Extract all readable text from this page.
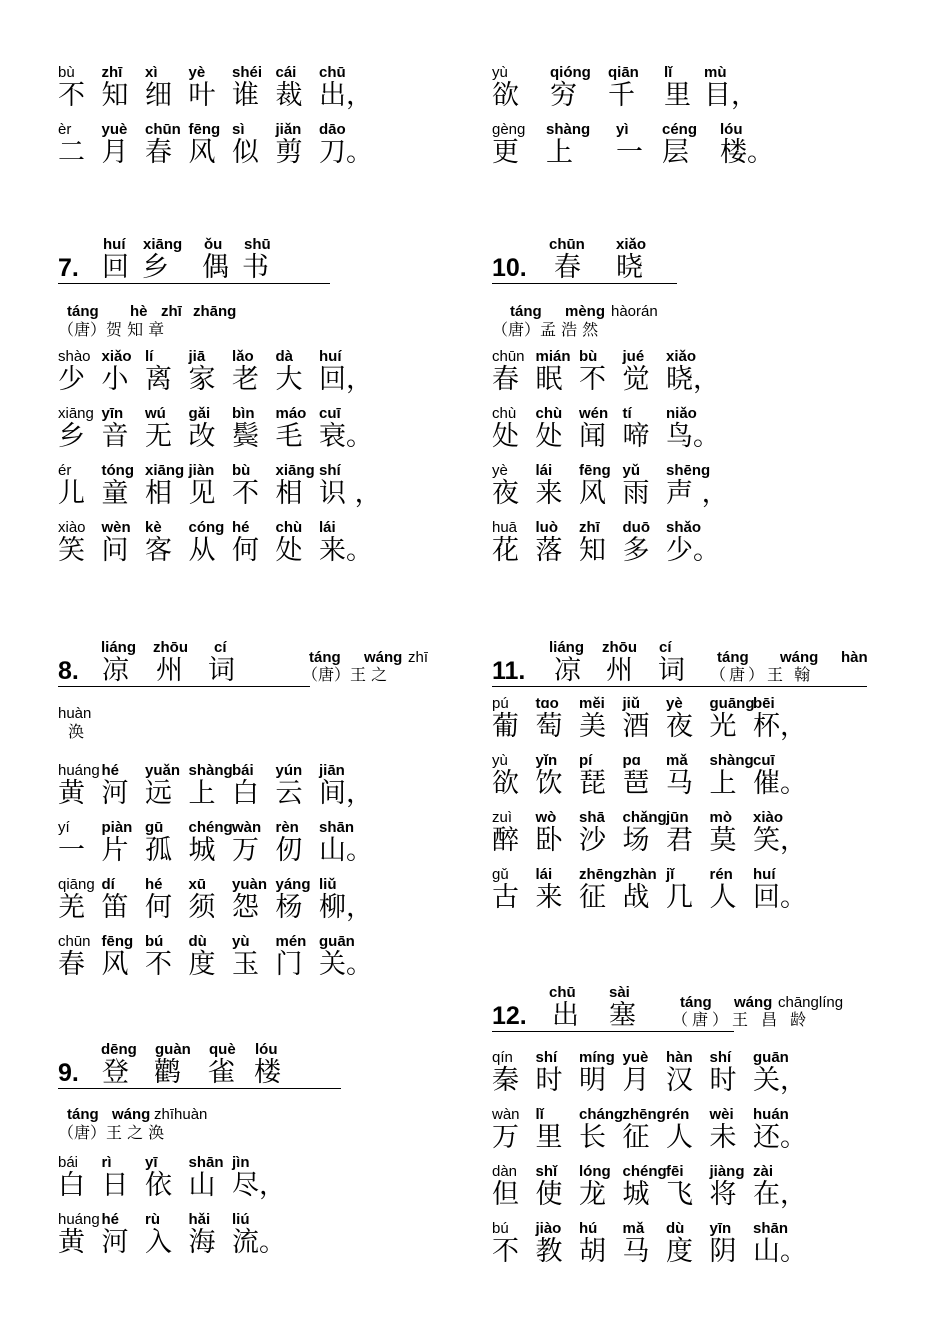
bù
不
zhī
知
xì
细
yè
叶
shéi
谁
cái
裁
chū
出，
èr
二
yuè
月
chūn
春
fēng
风
sì
似
jiǎn
剪
dāo
刀。
huí xiāng ǒu shū
7. 回 乡 偶 书
táng hè zhī zhāng
（唐）贺 知 章
shào
少
xiǎo
小
lí
离
jiā
家
lǎo
老
dà
大
huí
回，
xiāng
乡
yīn
音
wú
无
gǎi
改
bìn
鬓
máo
毛
cuī
衰。
ér
儿
tóng
童
xiāng
相
jiàn
见
bù
不
xiāng
相
shí
识 ，
xiào
笑
wèn
问
kè
客
cóng
从
hé
何
chù
处
lái
来。
liáng zhōu cí
táng wáng zhī
8. 凉 州 词	（唐）王 之
huàn
涣
huáng
黄
hé
河
yuǎn
远
shàng
上
bái
白
yún
云
jiān
间，
yí
一
piàn
片
gū
孤
chéng
城
wàn
万
rèn
仞
shān
山。
qiāng
羌
dí
笛
hé
何
xū
须
yuàn
怨
yáng
杨
liǔ
柳，
chūn
春
fēng
风
bú
不
dù
度
yù
玉
mén
门
guān
关。
dēng guàn què lóu
9. 登 鹳 雀 楼
táng wáng zhīhuàn
（唐）王 之 涣
bái
白
rì
日
yī
依
shān
山
jìn
尽，
huáng
黄
hé
河
rù
入
hǎi
海
liú
流。
yù
欲
qióng
穷
qiān
千
lǐ
里
mù
目，
gèng
更
shàng
上
yì
一
céng
层
lóu
楼。
chūn xiǎo
10. 春 晓
táng mèng hàorán
（唐）孟 浩 然
chūn
春
mián
眠
bù
不
jué
觉
xiǎo
晓，
chù
处
chù
处
wén
闻
tí
啼
niǎo
鸟。
yè
夜
lái
来
fēng
风
yǔ
雨
shēng
声 ，
huā
花
luò
落
zhī
知
duō
多
shǎo
少。
liáng zhōu cí
táng wáng hàn
11. 凉 州 词 （唐）王 翰
pú
葡
tɑo
萄
měi
美
jiǔ
酒
yè
夜
guāng
光
bēi
杯，
yù
欲
yǐn
饮
pí
琵
pɑ
琶
mǎ
马
shàng
上
cuī
催。
zuì
醉
wò
卧
shā
沙
chǎng
场
jūn
君
mò
莫
xiào
笑，
gǔ
古
lái
来
zhēng
征
zhàn
战
jǐ
几
rén
人
huí
回。
chū sài
táng wáng chānglíng
12. 出 塞 （唐）王 昌 龄
qín
秦
shí
时
míng
明
yuè
月
hàn
汉
shí
时
guān
关，
wàn
万
lǐ
里
cháng
长
zhēng
征
rén
人
wèi
未
huán
还。
dàn
但
shǐ
使
lóng
龙
chéng
城
fēi
飞
jiàng
将
zài
在，
bú
不
jiào
教
hú
胡
mǎ
马
dù
度
yīn
阴
shān
山。
